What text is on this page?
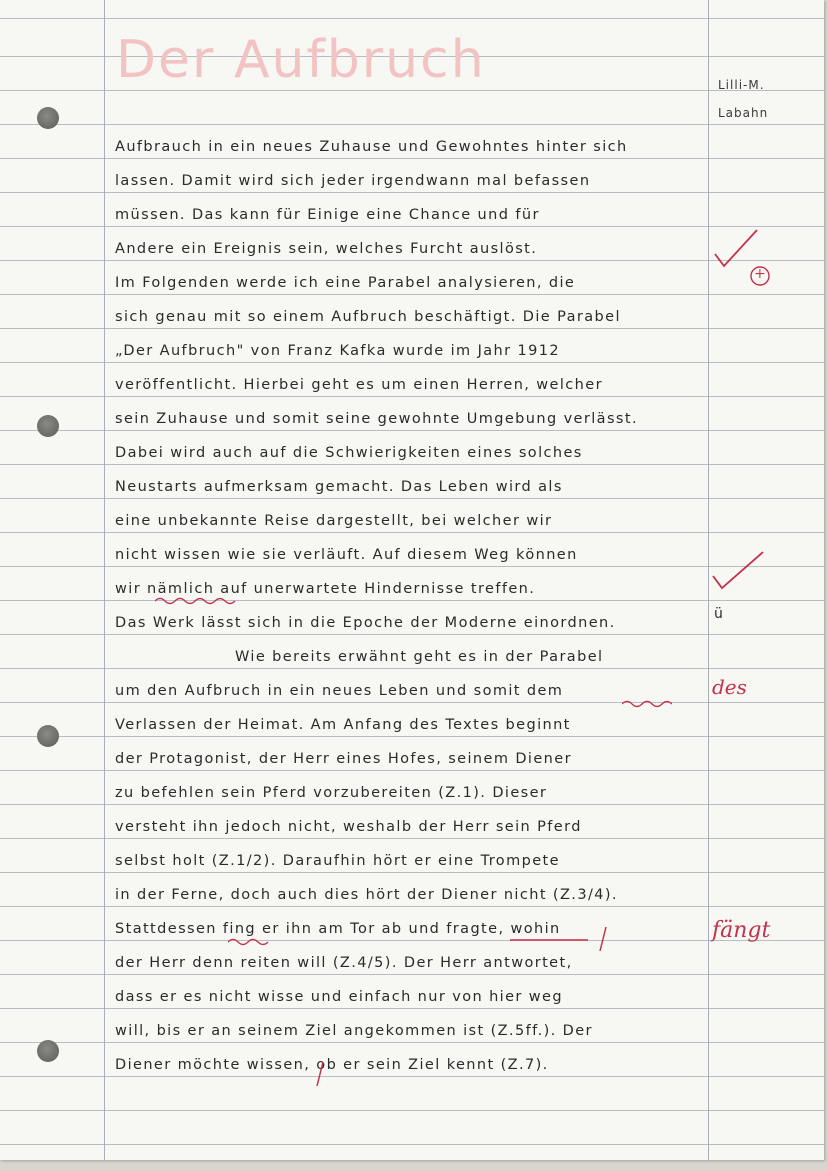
Der Aufbruch	Lilli-M.
Labahn
Aufbrauch in ein neues Zuhause und Gewohntes hinter sich
lassen. Damit wird sich jeder irgendwann mal befassen
müssen. Das kann für Einige eine Chance und für
Andere ein Ereignis sein, welches Furcht auslöst.
Im Folgenden werde ich eine Parabel analysieren, die
sich genau mit so einem Aufbruch beschäftigt. Die Parabel
„Der Aufbruch" von Franz Kafka wurde im Jahr 1912
veröffentlicht. Hierbei geht es um einen Herren, welcher
sein Zuhause und somit seine gewohnte Umgebung verlässt.
Dabei wird auch auf die Schwierigkeiten eines solches
Neustarts aufmerksam gemacht. Das Leben wird als
eine unbekannte Reise dargestellt, bei welcher wir
nicht wissen wie sie verläuft. Auf diesem Weg können
wir nämlich auf unerwartete Hindernisse treffen.
Das Werk lässt sich in die Epoche der Moderne einordnen.
Wie bereits erwähnt geht es in der Parabel
um den Aufbruch in ein neues Leben und somit dem
Verlassen der Heimat. Am Anfang des Textes beginnt
der Protagonist, der Herr eines Hofes, seinem Diener
zu befehlen sein Pferd vorzubereiten (Z.1). Dieser
versteht ihn jedoch nicht, weshalb der Herr sein Pferd
selbst holt (Z.1/2). Daraufhin hört er eine Trompete
in der Ferne, doch auch dies hört der Diener nicht (Z.3/4).
Stattdessen fing er ihn am Tor ab und fragte, wohin
der Herr denn reiten will (Z.4/5). Der Herr antwortet,
dass er es nicht wisse und einfach nur von hier weg
will, bis er an seinem Ziel angekommen ist (Z.5ff.). Der
Diener möchte wissen, ob er sein Ziel kennt (Z.7).
+
ü
des
fängt
